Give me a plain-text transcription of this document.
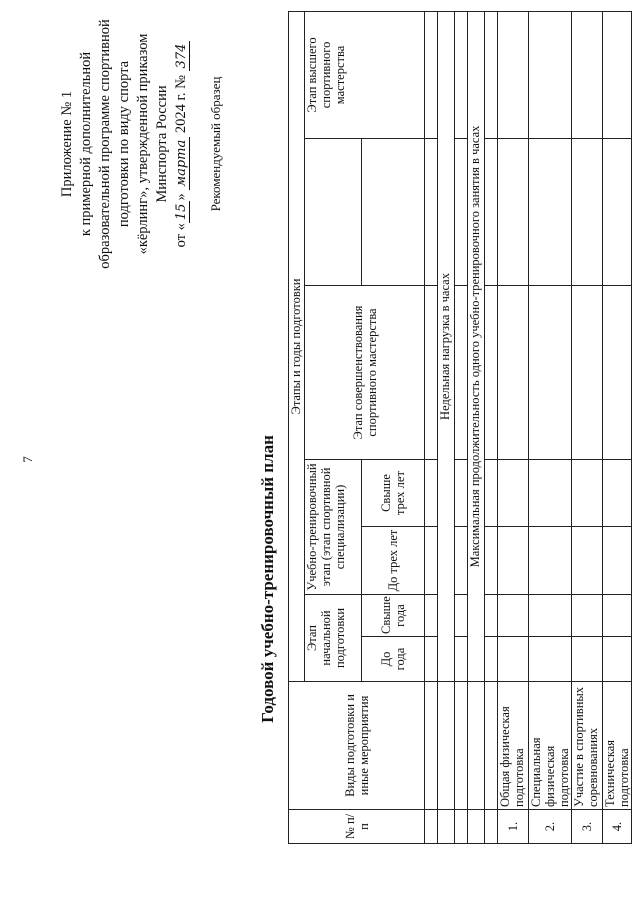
7
Приложение № 1 к примерной дополнительной образовательной программе спортивной подготовки по виду спорта «кёрлинг», утвержденной приказом Минспорта России
от «15» марта 2024 г. № 374
Рекомендуемый образец
Годовой учебно-тренировочный план
№ п/п	Виды подготовки и иные мероприятия	Этапы и годы подготовки						
		Этап начальной подготовки		Учебно-тренировочный этап (этап спортивной специализации)		Этап совершенствования спортивного мастерства		Этап высшего спортивного мастерства
		До года	Свыше года	До трех лет	Свыше трех лет			

		Недельная нагрузка в часах						

		Максимальная продолжительность одного учебно-тренировочного занятия в часах						

1.	Общая физическая подготовка							
2.	Специальная физическая подготовка							
3.	Участие в спортивных соревнованиях							
4.	Техническая подготовка							
